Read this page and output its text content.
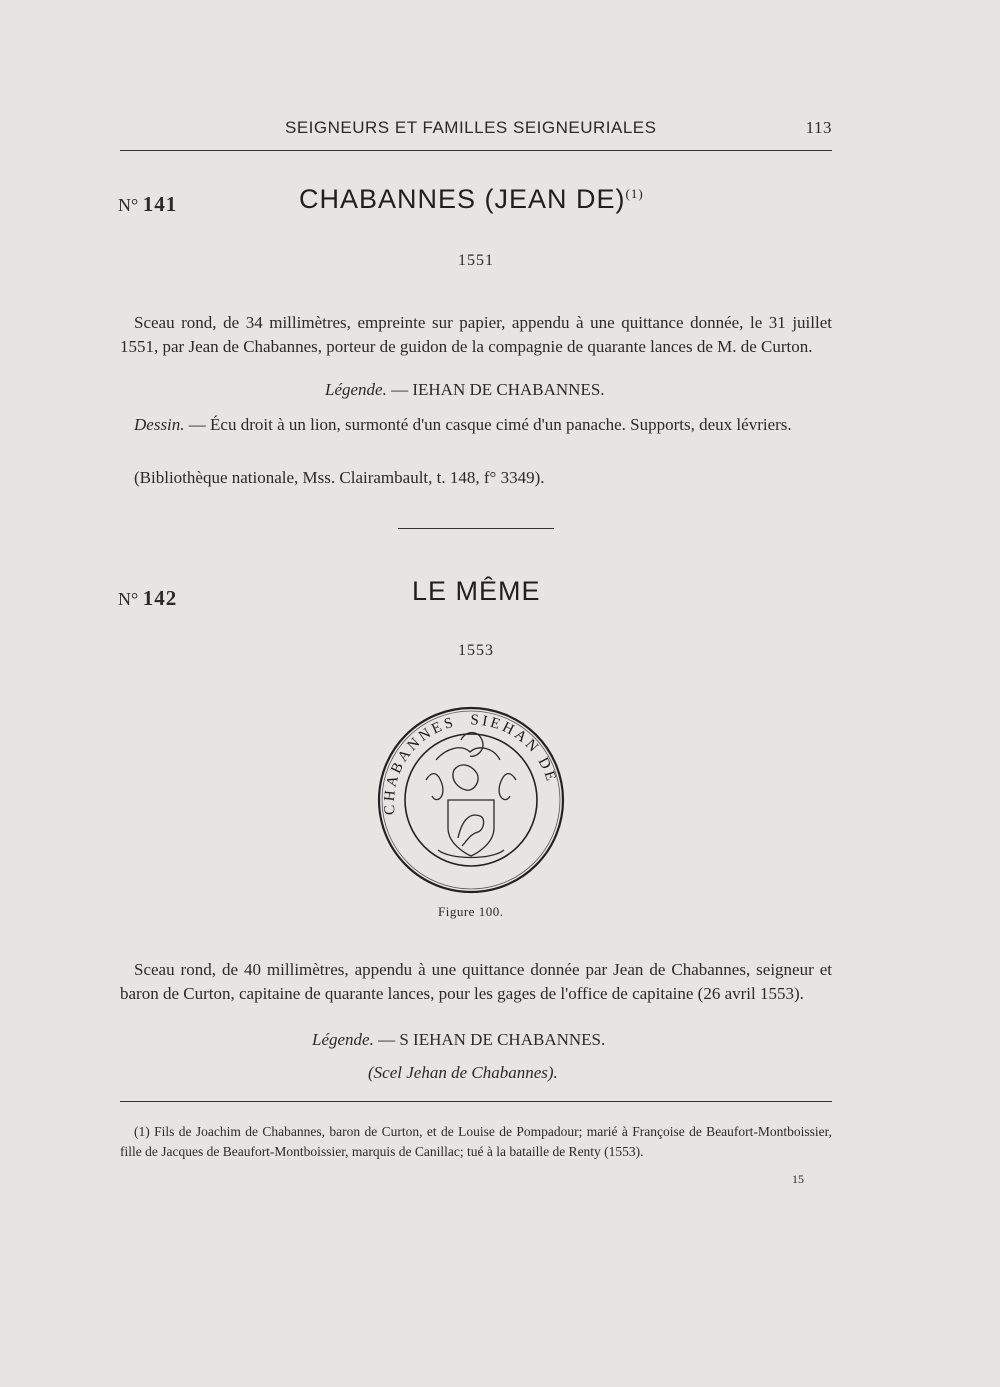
SEIGNEURS ET FAMILLES SEIGNEURIALES	113
N° 141	CHABANNES (JEAN DE)$^{(1)}$
1551
Sceau rond, de 34 millimètres, empreinte sur papier, appendu à une quittance donnée, le 31 juillet 1551, par Jean de Chabannes, porteur de guidon de la compagnie de quarante lances de M. de Curton.
Légende. — IEHAN DE CHABANNES.
Dessin. — Écu droit à un lion, surmonté d'un casque cimé d'un panache. Supports, deux lévriers.
(Bibliothèque nationale, Mss. Clairambault, t. 148, f° 3349).
N° 142	LE MÊME
1553
CHABANNES SIEHAN DE
Figure 100.
Sceau rond, de 40 millimètres, appendu à une quittance donnée par Jean de Chabannes, seigneur et baron de Curton, capitaine de quarante lances, pour les gages de l'office de capitaine (26 avril 1553).
Légende. — S IEHAN DE CHABANNES.
(Scel Jehan de Chabannes).
(1) Fils de Joachim de Chabannes, baron de Curton, et de Louise de Pompadour; marié à Françoise de Beaufort-Montboissier, fille de Jacques de Beaufort-Montboissier, marquis de Canillac; tué à la bataille de Renty (1553).
15
